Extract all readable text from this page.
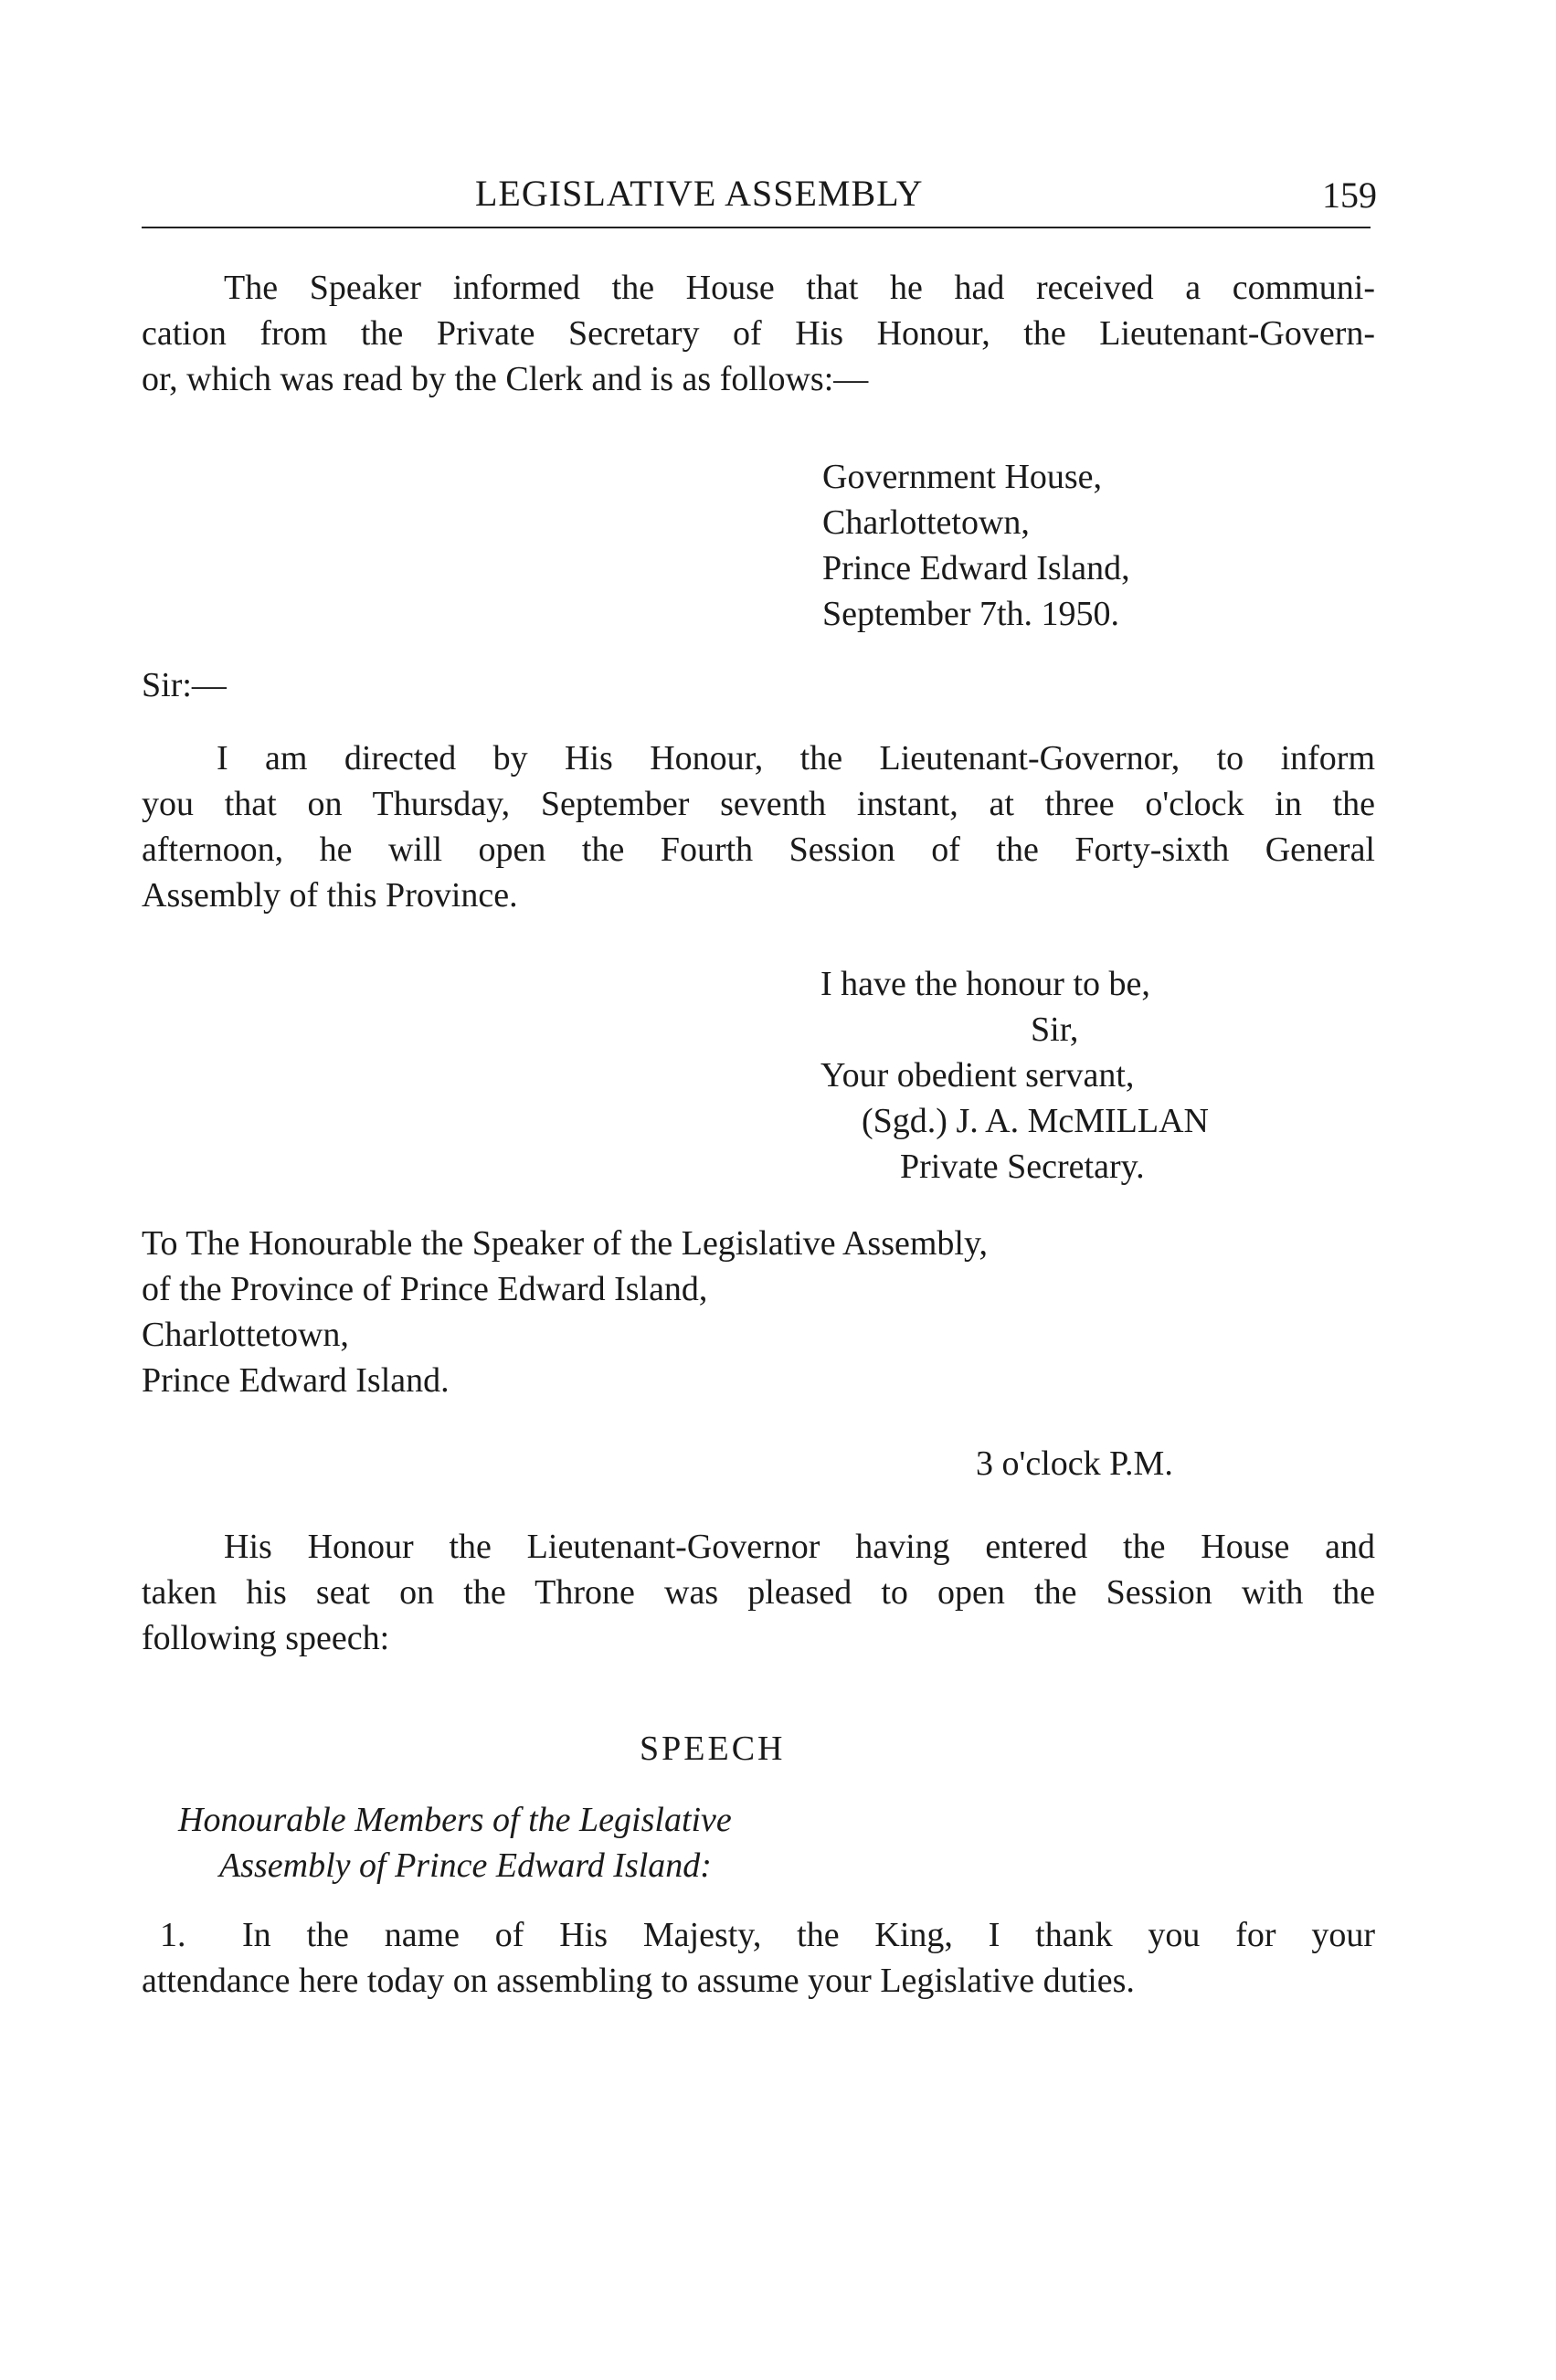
LEGISLATIVE ASSEMBLY	159
The Speaker informed the House that he had received a communi-
cation from the Private Secretary of His Honour, the Lieutenant-Govern-
or, which was read by the Clerk and is as follows:—
Government House,
Charlottetown,
Prince Edward Island,
September 7th. 1950.
Sir:—
I am directed by His Honour, the Lieutenant-Governor, to inform
you that on Thursday, September seventh instant, at three o'clock in the
afternoon, he will open the Fourth Session of the Forty-sixth General
Assembly of this Province.
I have the honour to be,
Sir,
Your obedient servant,
(Sgd.) J. A. McMILLAN
Private Secretary.
To The Honourable the Speaker of the Legislative Assembly,
of the Province of Prince Edward Island,
Charlottetown,
Prince Edward Island.
3 o'clock P.M.
His Honour the Lieutenant-Governor having entered the House and
taken his seat on the Throne was pleased to open the Session with the
following speech:
SPEECH
Honourable Members of the Legislative
Assembly of Prince Edward Island:
1. In the name of His Majesty, the King, I thank you for your
attendance here today on assembling to assume your Legislative duties.
